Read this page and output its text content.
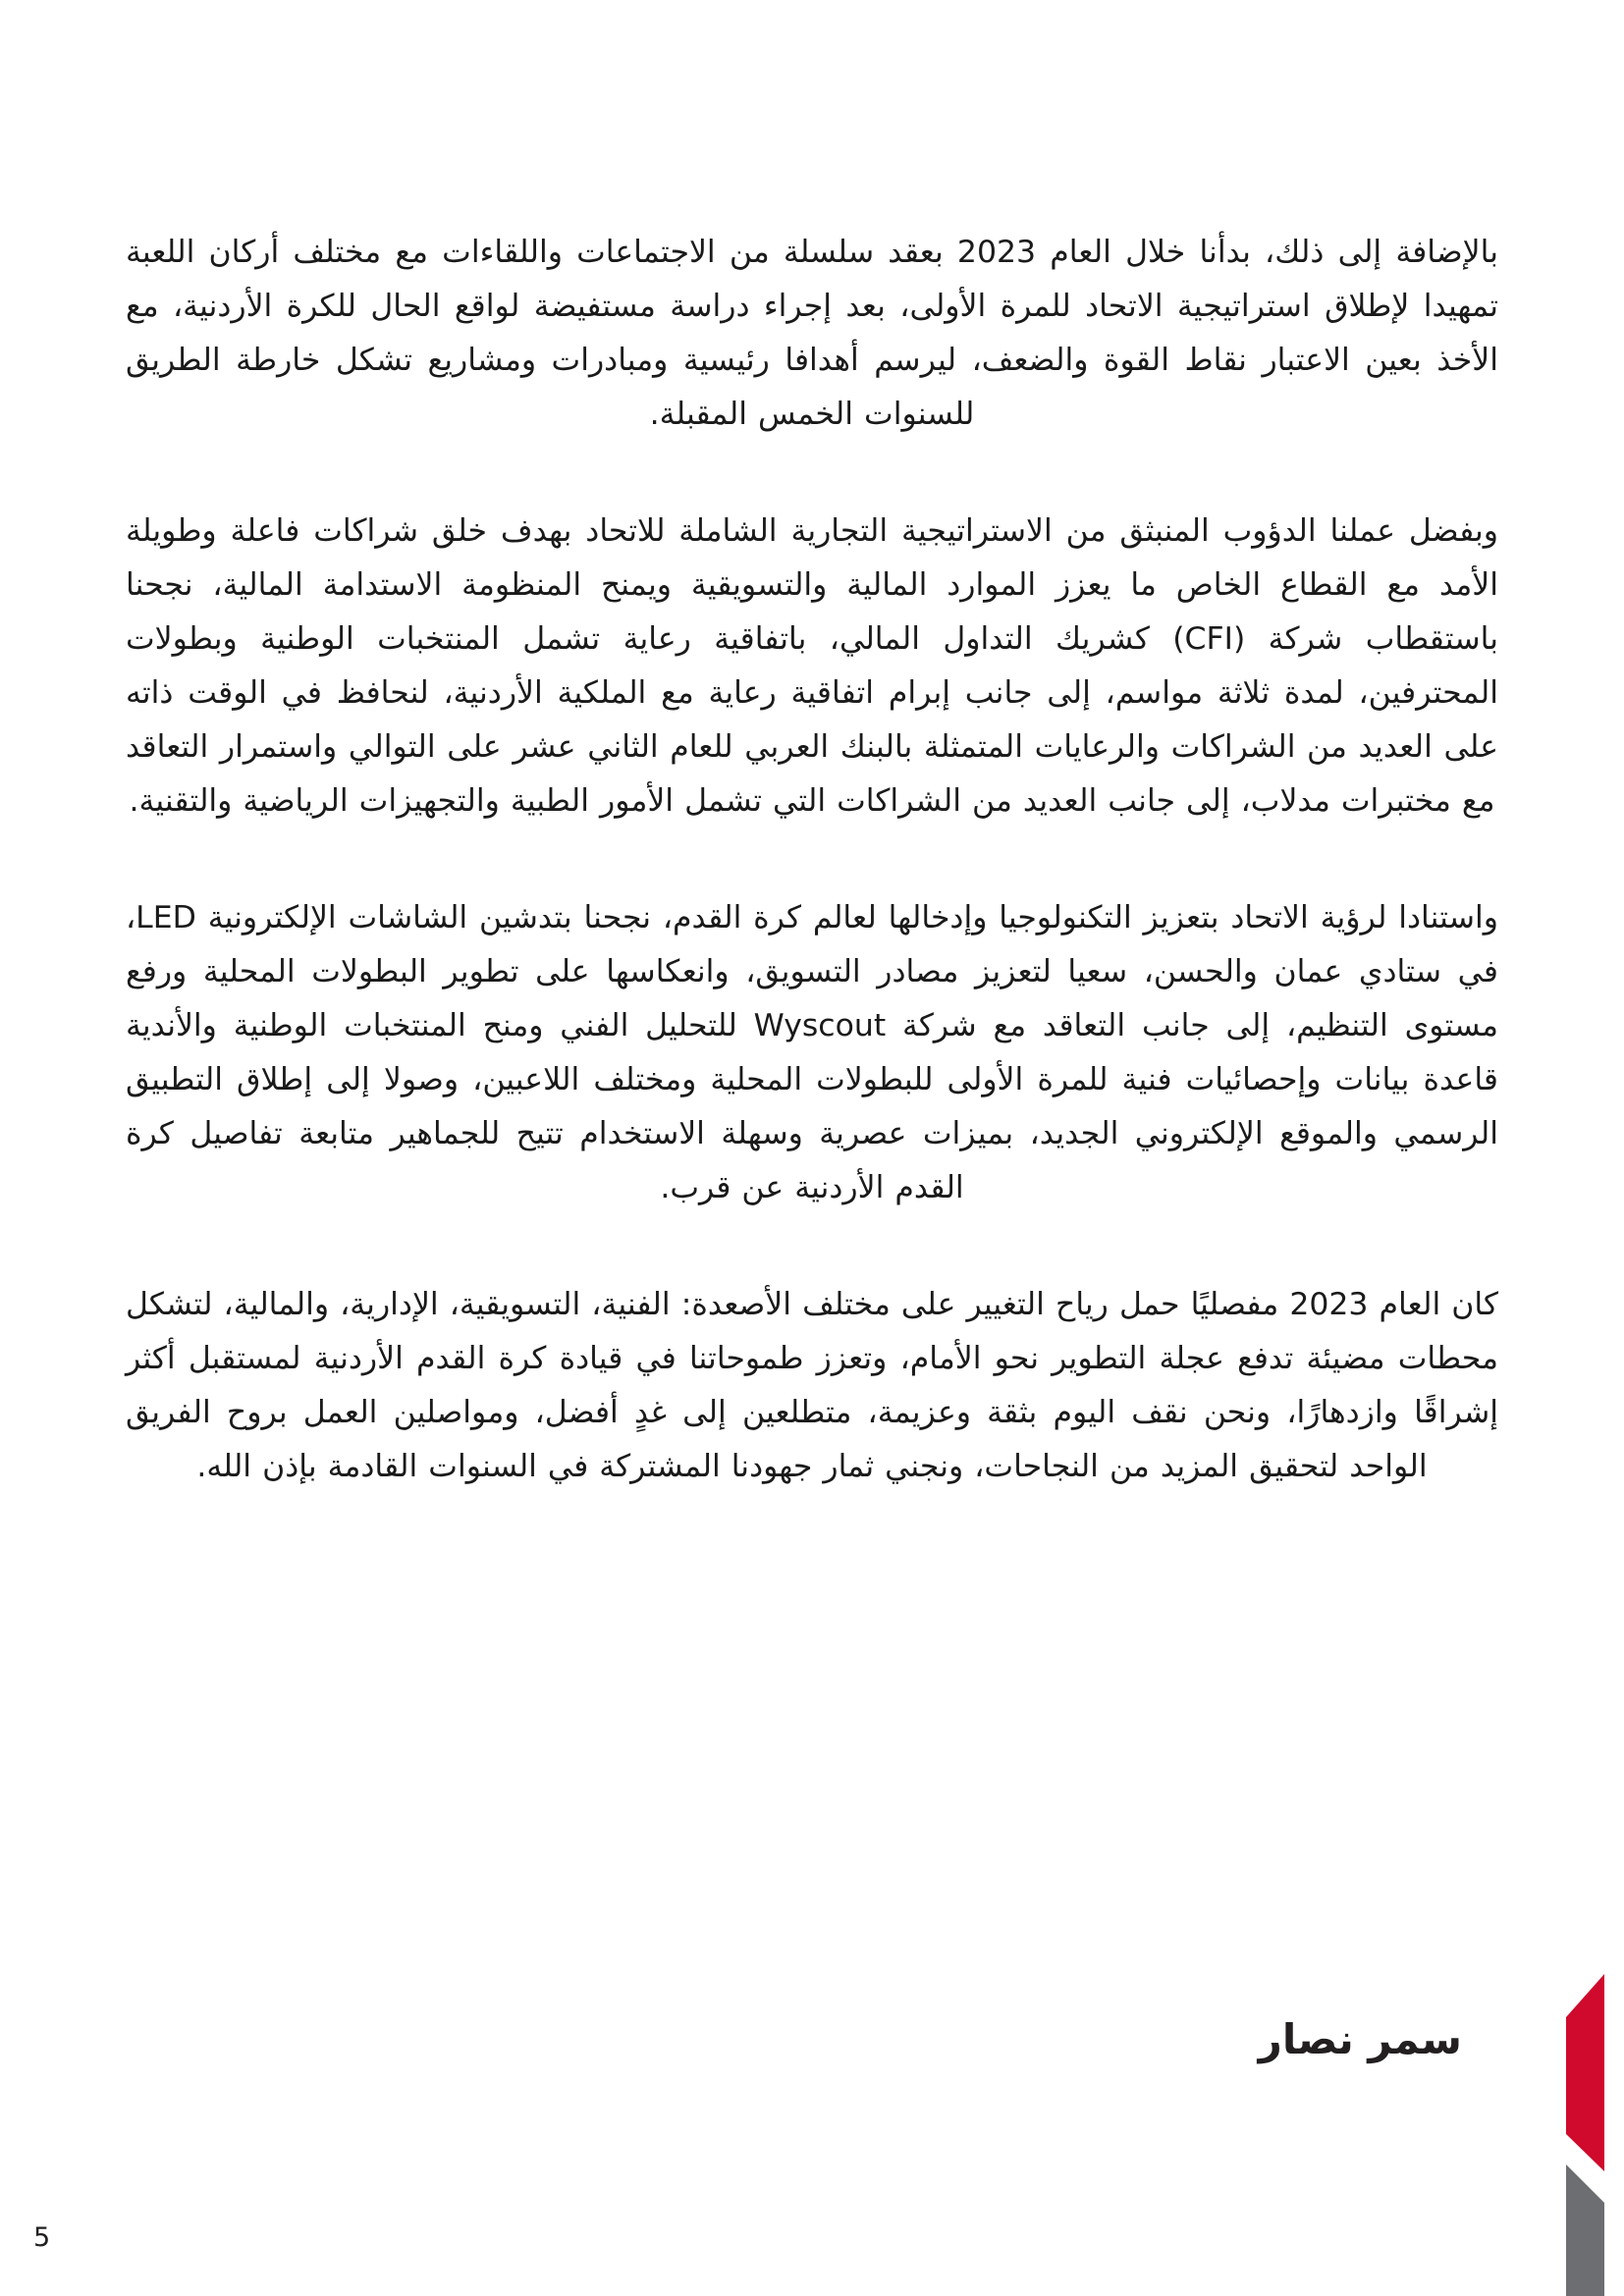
بالإضافة إلى ذلك، بدأنا خلال العام 2023 بعقد سلسلة من الاجتماعات واللقاءات مع مختلف أركان اللعبة تمهيدا لإطلاق استراتيجية الاتحاد للمرة الأولى، بعد إجراء دراسة مستفيضة لواقع الحال للكرة الأردنية، مع الأخذ بعين الاعتبار نقاط القوة والضعف، ليرسم أهدافا رئيسية ومبادرات ومشاريع تشكل خارطة الطريق للسنوات الخمس المقبلة.

وبفضل عملنا الدؤوب المنبثق من الاستراتيجية التجارية الشاملة للاتحاد بهدف خلق شراكات فاعلة وطويلة الأمد مع القطاع الخاص ما يعزز الموارد المالية والتسويقية ويمنح المنظومة الاستدامة المالية، نجحنا باستقطاب شركة (CFI) كشريك التداول المالي، باتفاقية رعاية تشمل المنتخبات الوطنية وبطولات المحترفين، لمدة ثلاثة مواسم، إلى جانب إبرام اتفاقية رعاية مع الملكية الأردنية، لنحافظ في الوقت ذاته على العديد من الشراكات والرعايات المتمثلة بالبنك العربي للعام الثاني عشر على التوالي واستمرار التعاقد مع مختبرات مدلاب، إلى جانب العديد من الشراكات التي تشمل الأمور الطبية والتجهيزات الرياضية والتقنية.

واستنادا لرؤية الاتحاد بتعزيز التكنولوجيا وإدخالها لعالم كرة القدم، نجحنا بتدشين الشاشات الإلكترونية LED، في ستادي عمان والحسن، سعيا لتعزيز مصادر التسويق، وانعكاسها على تطوير البطولات المحلية ورفع مستوى التنظيم، إلى جانب التعاقد مع شركة Wyscout للتحليل الفني ومنح المنتخبات الوطنية والأندية قاعدة بيانات وإحصائيات فنية للمرة الأولى للبطولات المحلية ومختلف اللاعبين، وصولا إلى إطلاق التطبيق الرسمي والموقع الإلكتروني الجديد، بميزات عصرية وسهلة الاستخدام تتيح للجماهير متابعة تفاصيل كرة القدم الأردنية عن قرب.

كان العام 2023 مفصليًا حمل رياح التغيير على مختلف الأصعدة: الفنية، التسويقية، الإدارية، والمالية، لتشكل محطات مضيئة تدفع عجلة التطوير نحو الأمام، وتعزز طموحاتنا في قيادة كرة القدم الأردنية لمستقبل أكثر إشراقًا وازدهارًا، ونحن نقف اليوم بثقة وعزيمة، متطلعين إلى غدٍ أفضل، ومواصلين العمل بروح الفريق الواحد لتحقيق المزيد من النجاحات، ونجني ثمار جهودنا المشتركة في السنوات القادمة بإذن الله.

سمر نصار
5
